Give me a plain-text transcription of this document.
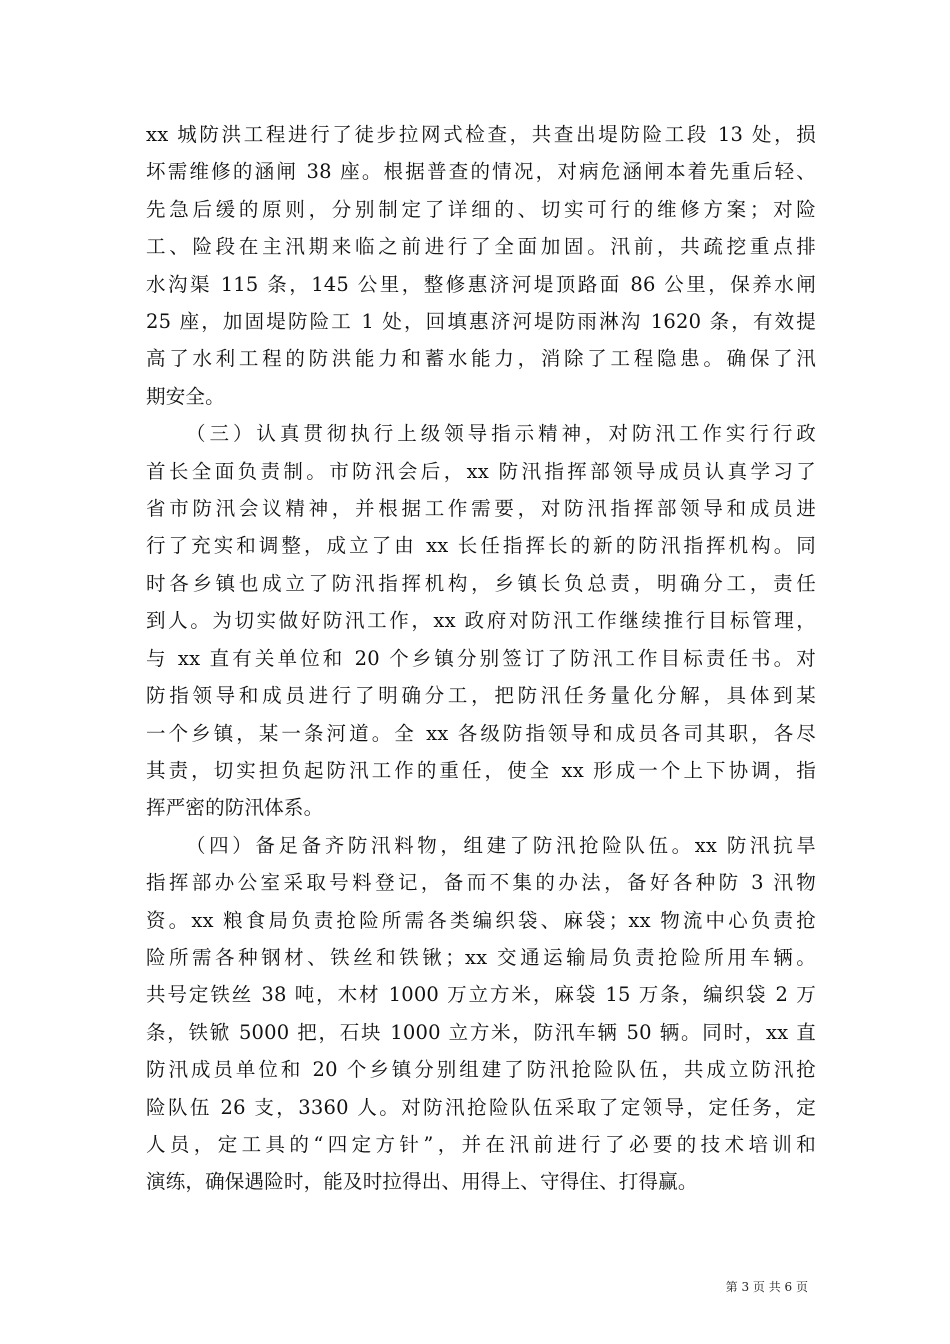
xx 城防洪工程进行了徒步拉网式检查，共查出堤防险工段 13 处，损
坏需维修的涵闸 38 座。根据普查的情况，对病危涵闸本着先重后轻、
先急后缓的原则，分别制定了详细的、切实可行的维修方案；对险
工、险段在主汛期来临之前进行了全面加固。汛前，共疏挖重点排
水沟渠 115 条，145 公里，整修惠济河堤顶路面 86 公里，保养水闸
25 座，加固堤防险工 1 处，回填惠济河堤防雨淋沟 1620 条，有效提
高了水利工程的防洪能力和蓄水能力，消除了工程隐患。确保了汛
期安全。

（三）认真贯彻执行上级领导指示精神，对防汛工作实行行政
首长全面负责制。市防汛会后，xx 防汛指挥部领导成员认真学习了
省市防汛会议精神，并根据工作需要，对防汛指挥部领导和成员进
行了充实和调整，成立了由 xx 长任指挥长的新的防汛指挥机构。同
时各乡镇也成立了防汛指挥机构，乡镇长负总责，明确分工，责任
到人。为切实做好防汛工作，xx 政府对防汛工作继续推行目标管理，
与 xx 直有关单位和 20 个乡镇分别签订了防汛工作目标责任书。对
防指领导和成员进行了明确分工，把防汛任务量化分解，具体到某
一个乡镇，某一条河道。全 xx 各级防指领导和成员各司其职，各尽
其责，切实担负起防汛工作的重任，使全 xx 形成一个上下协调，指
挥严密的防汛体系。

（四）备足备齐防汛料物，组建了防汛抢险队伍。xx 防汛抗旱
指挥部办公室采取号料登记，备而不集的办法，备好各种防 3 汛物
资。xx 粮食局负责抢险所需各类编织袋、麻袋；xx 物流中心负责抢
险所需各种钢材、铁丝和铁锹；xx 交通运输局负责抢险所用车辆。
共号定铁丝 38 吨，木材 1000 万立方米，麻袋 15 万条，编织袋 2 万
条，铁锨 5000 把，石块 1000 立方米，防汛车辆 50 辆。同时，xx 直
防汛成员单位和 20 个乡镇分别组建了防汛抢险队伍，共成立防汛抢
险队伍 26 支，3360 人。对防汛抢险队伍采取了定领导，定任务，定
人员，定工具的“四定方针”，并在汛前进行了必要的技术培训和
演练，确保遇险时，能及时拉得出、用得上、守得住、打得赢。

第 3 页 共 6 页
